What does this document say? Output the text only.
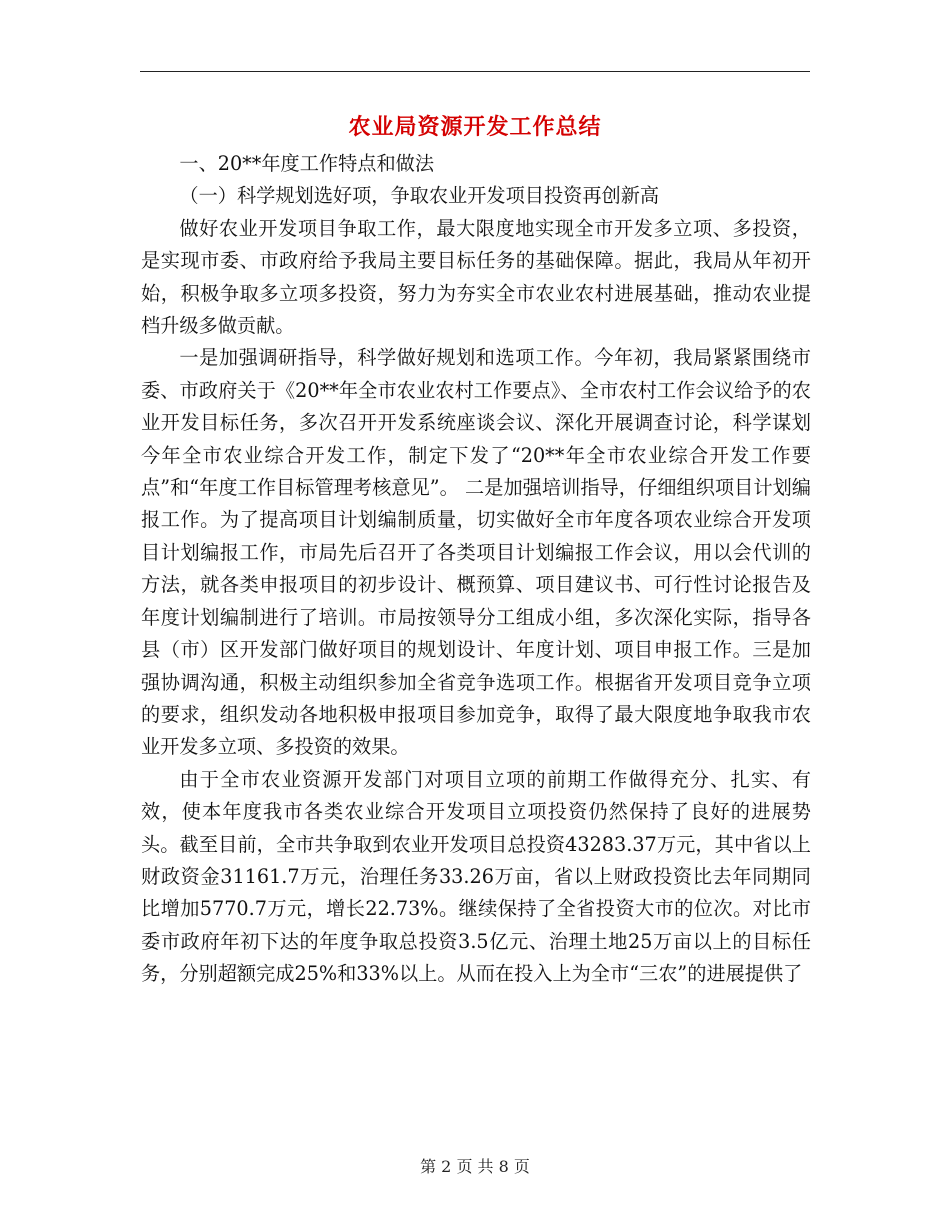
农业局资源开发工作总结

一、20**年度工作特点和做法

（一）科学规划选好项，争取农业开发项目投资再创新高

做好农业开发项目争取工作，最大限度地实现全市开发多立项、多投资，是实现市委、市政府给予我局主要目标任务的基础保障。据此，我局从年初开始，积极争取多立项多投资，努力为夯实全市农业农村进展基础，推动农业提档升级多做贡献。

一是加强调研指导，科学做好规划和选项工作。今年初，我局紧紧围绕市委、市政府关于《20**年全市农业农村工作要点》、全市农村工作会议给予的农业开发目标任务，多次召开开发系统座谈会议、深化开展调查讨论，科学谋划今年全市农业综合开发工作，制定下发了“20**年全市农业综合开发工作要点”和“年度工作目标管理考核意见”。 二是加强培训指导，仔细组织项目计划编报工作。为了提高项目计划编制质量，切实做好全市年度各项农业综合开发项目计划编报工作，市局先后召开了各类项目计划编报工作会议，用以会代训的方法，就各类申报项目的初步设计、概预算、项目建议书、可行性讨论报告及年度计划编制进行了培训。市局按领导分工组成小组，多次深化实际，指导各县（市）区开发部门做好项目的规划设计、年度计划、项目申报工作。三是加强协调沟通，积极主动组织参加全省竞争选项工作。根据省开发项目竞争立项的要求，组织发动各地积极申报项目参加竞争，取得了最大限度地争取我市农业开发多立项、多投资的效果。

由于全市农业资源开发部门对项目立项的前期工作做得充分、扎实、有效，使本年度我市各类农业综合开发项目立项投资仍然保持了良好的进展势头。截至目前，全市共争取到农业开发项目总投资43283.37万元，其中省以上财政资金31161.7万元，治理任务33.26万亩，省以上财政投资比去年同期同比增加5770.7万元，增长22.73%。继续保持了全省投资大市的位次。对比市委市政府年初下达的年度争取总投资3.5亿元、治理土地25万亩以上的目标任务，分别超额完成25%和33%以上。从而在投入上为全市“三农”的进展提供了

第 2 页 共 8 页
